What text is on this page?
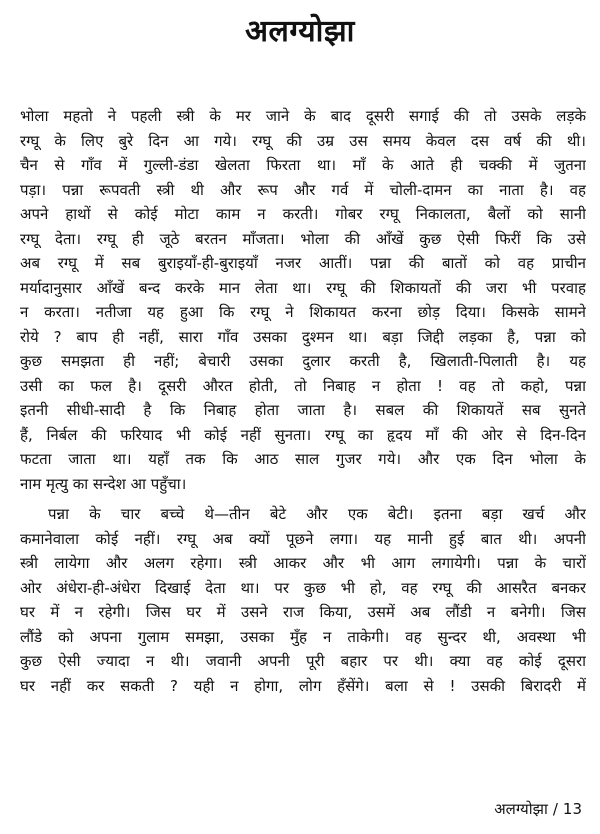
अलग्योझा

भोला महतो ने पहली स्त्री के मर जाने के बाद दूसरी सगाई की तो उसके लड़के
रग्घू के लिए बुरे दिन आ गये। रग्घू की उम्र उस समय केवल दस वर्ष की थी।
चैन से गाँव में गुल्ली-डंडा खेलता फिरता था। माँ के आते ही चक्की में जुतना
पड़ा। पन्ना रूपवती स्त्री थी और रूप और गर्व में चोली-दामन का नाता है। वह
अपने हाथों से कोई मोटा काम न करती। गोबर रग्घू निकालता, बैलों को सानी
रग्घू देता। रग्घू ही जूठे बरतन माँजता। भोला की आँखें कुछ ऐसी फिरीं कि उसे
अब रग्घू में सब बुराइयाँ-ही-बुराइयाँ नजर आतीं। पन्ना की बातों को वह प्राचीन
मर्यादानुसार आँखें बन्द करके मान लेता था। रग्घू की शिकायतों की जरा भी परवाह
न करता। नतीजा यह हुआ कि रग्घू ने शिकायत करना छोड़ दिया। किसके सामने
रोये ? बाप ही नहीं, सारा गाँव उसका दुश्मन था। बड़ा जिद्दी लड़का है, पन्ना को
कुछ समझता ही नहीं; बेचारी उसका दुलार करती है, खिलाती-पिलाती है। यह
उसी का फल है। दूसरी औरत होती, तो निबाह न होता ! वह तो कहो, पन्ना
इतनी सीधी-सादी है कि निबाह होता जाता है। सबल की शिकायतें सब सुनते
हैं, निर्बल की फरियाद भी कोई नहीं सुनता। रग्घू का हृदय माँ की ओर से दिन-दिन
फटता जाता था। यहाँ तक कि आठ साल गुजर गये। और एक दिन भोला के
नाम मृत्यु का सन्देश आ पहुँचा।

पन्ना के चार बच्चे थे—तीन बेटे और एक बेटी। इतना बड़ा खर्च और
कमानेवाला कोई नहीं। रग्घू अब क्यों पूछने लगा। यह मानी हुई बात थी। अपनी
स्त्री लायेगा और अलग रहेगा। स्त्री आकर और भी आग लगायेगी। पन्ना के चारों
ओर अंधेरा-ही-अंधेरा दिखाई देता था। पर कुछ भी हो, वह रग्घू की आसरैत बनकर
घर में न रहेगी। जिस घर में उसने राज किया, उसमें अब लौंडी न बनेगी। जिस
लौंडे को अपना गुलाम समझा, उसका मुँह न ताकेगी। वह सुन्दर थी, अवस्था भी
कुछ ऐसी ज्यादा न थी। जवानी अपनी पूरी बहार पर थी। क्या वह कोई दूसरा
घर नहीं कर सकती ? यही न होगा, लोग हँसेंगे। बला से ! उसकी बिरादरी में

अलग्योझा / 13
